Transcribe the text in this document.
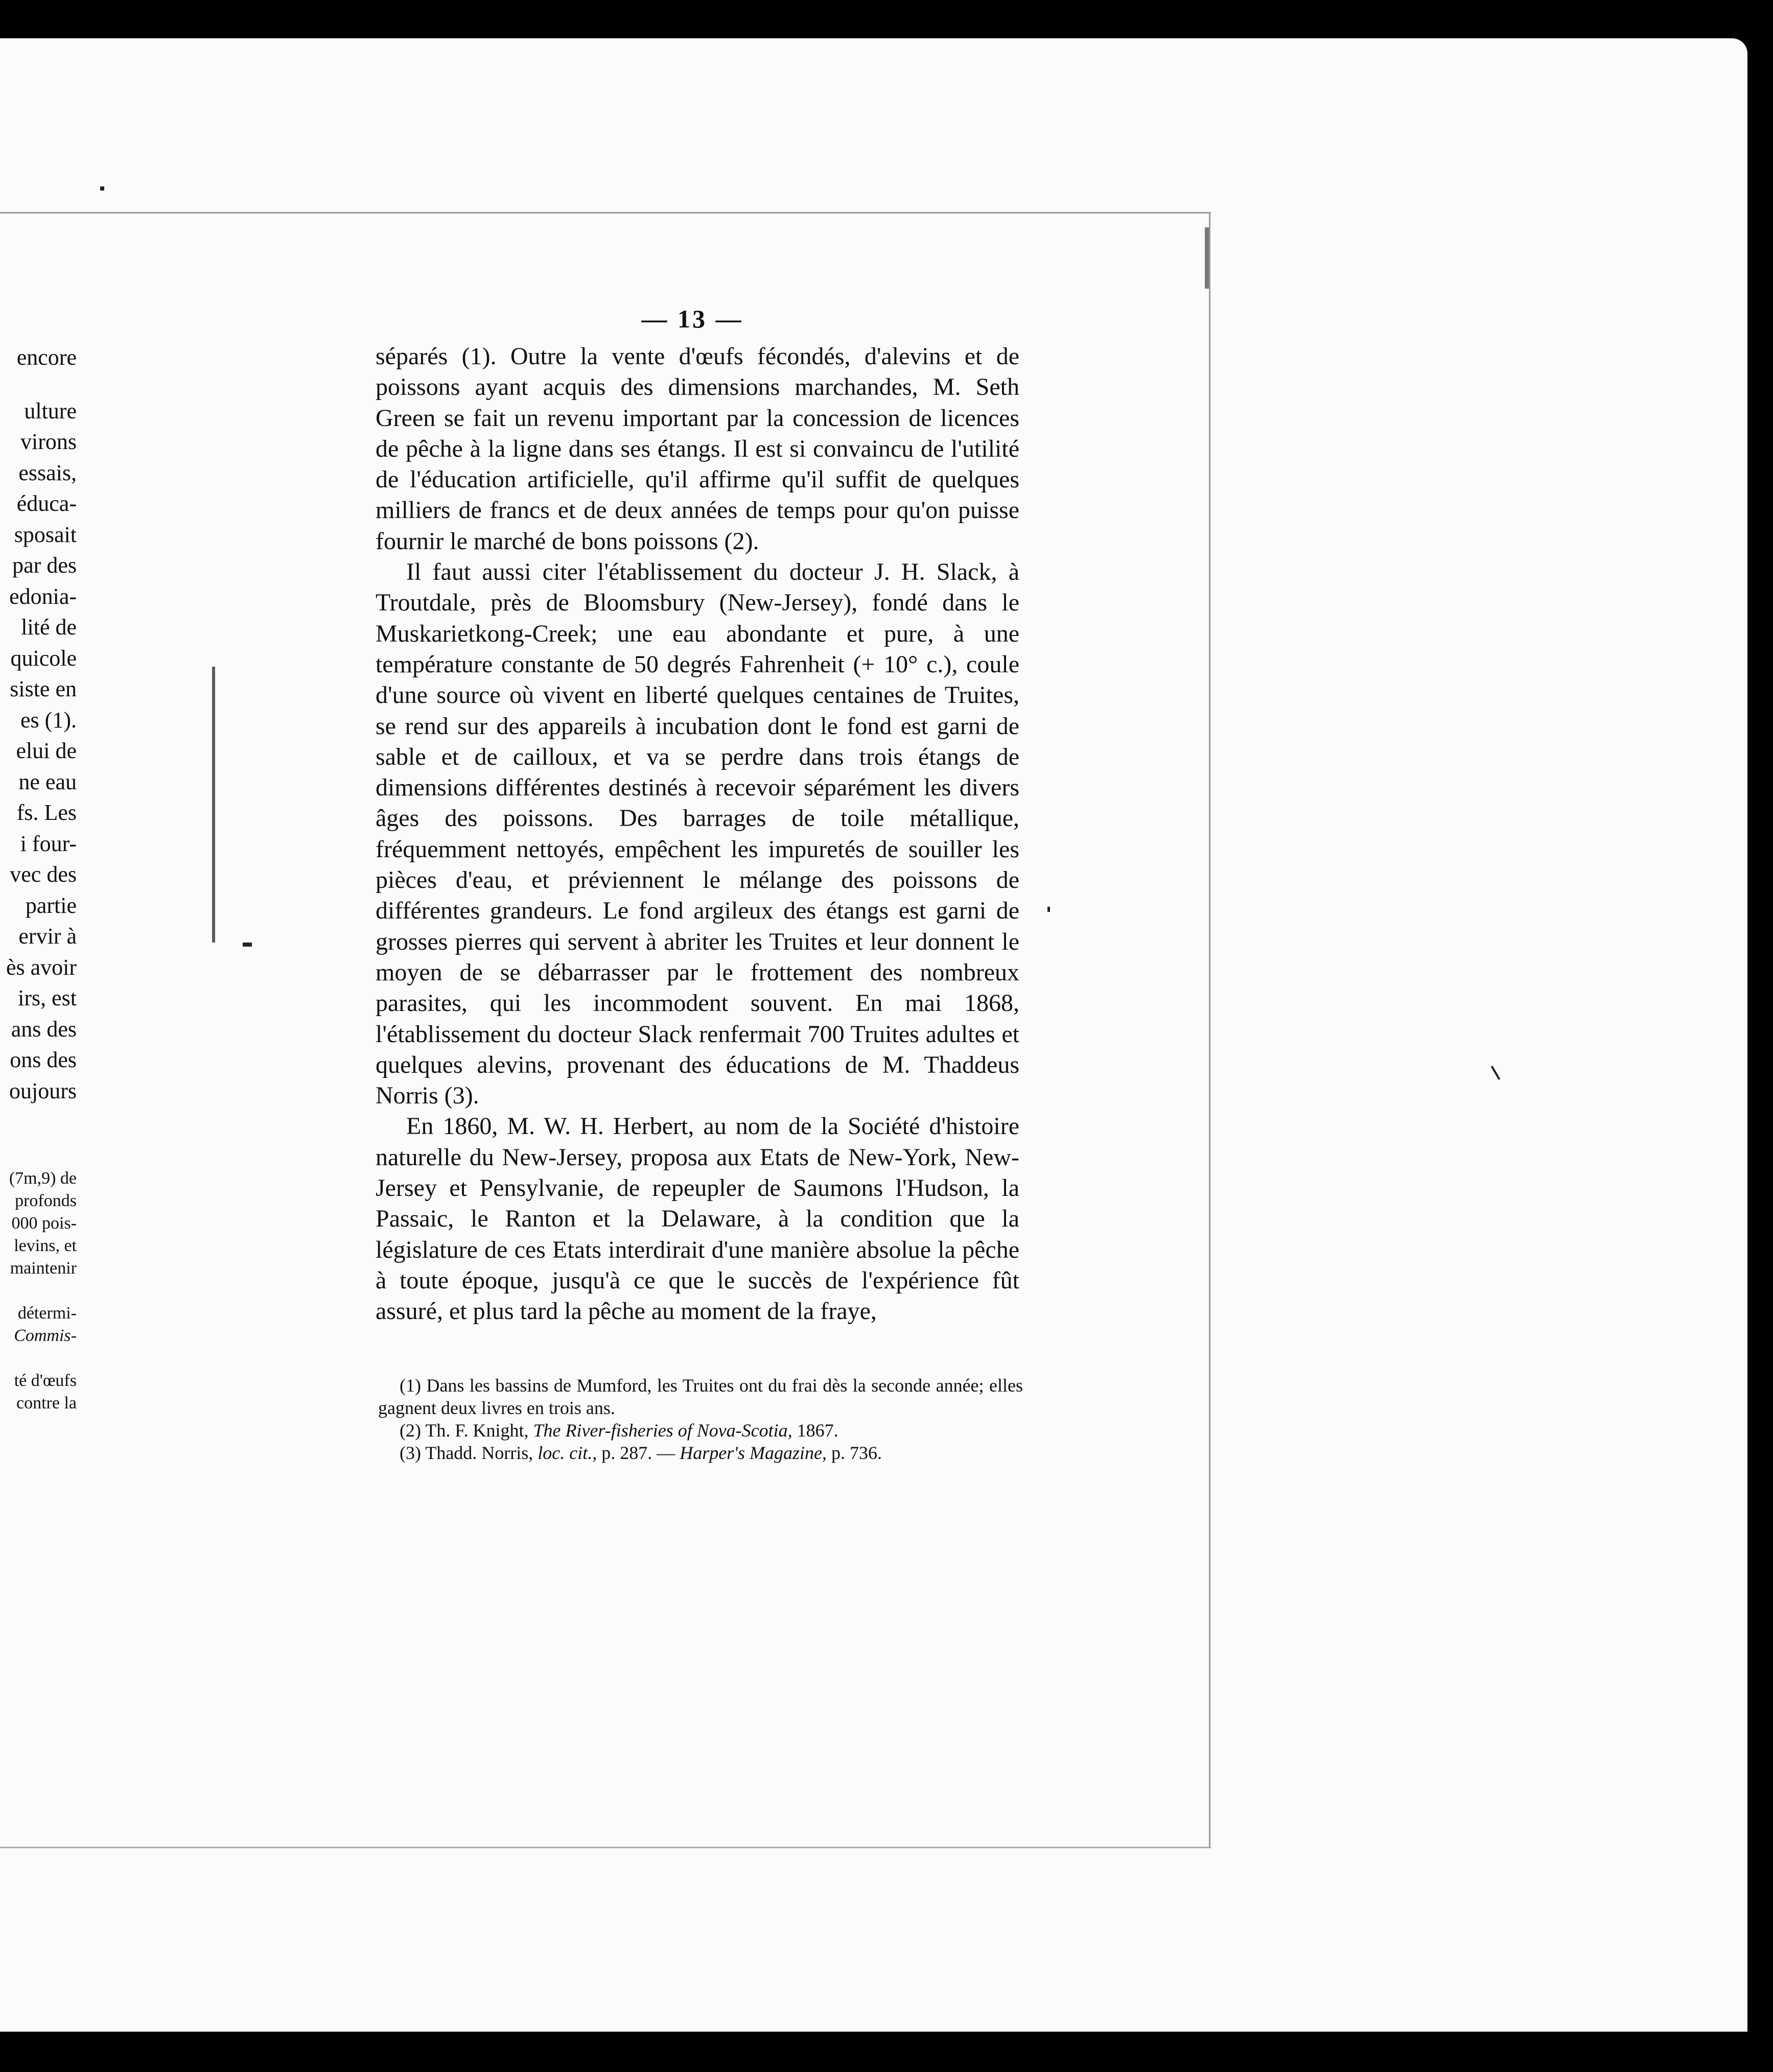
encore
ulture
virons
essais,
éduca-
sposait
par des
edonia-
lité de
quicole
siste en
es (1).
elui de
ne eau
fs. Les
i four-
vec des
partie
ervir à
ès avoir
irs, est
ans des
ons des
oujours
(7m,9) de
profonds
000 pois-
levins, et
maintenir
détermi-
Commis-
té d'œufs
contre la
— 13 —

séparés (1). Outre la vente d'œufs fécondés, d'alevins et de poissons ayant acquis des dimensions marchandes, M. Seth Green se fait un revenu important par la concession de licences de pêche à la ligne dans ses étangs. Il est si convaincu de l'utilité de l'éducation artificielle, qu'il affirme qu'il suffit de quelques milliers de francs et de deux années de temps pour qu'on puisse fournir le marché de bons poissons (2).

Il faut aussi citer l'établissement du docteur J. H. Slack, à Troutdale, près de Bloomsbury (New-Jersey), fondé dans le Muskarietkong-Creek; une eau abondante et pure, à une température constante de 50 degrés Fahrenheit (+ 10° c.), coule d'une source où vivent en liberté quelques centaines de Truites, se rend sur des appareils à incubation dont le fond est garni de sable et de cailloux, et va se perdre dans trois étangs de dimensions différentes destinés à recevoir séparément les divers âges des poissons. Des barrages de toile métallique, fréquemment nettoyés, empêchent les impuretés de souiller les pièces d'eau, et préviennent le mélange des poissons de différentes grandeurs. Le fond argileux des étangs est garni de grosses pierres qui servent à abriter les Truites et leur donnent le moyen de se débarrasser par le frottement des nombreux parasites, qui les incommodent souvent. En mai 1868, l'établissement du docteur Slack renfermait 700 Truites adultes et quelques alevins, provenant des éducations de M. Thaddeus Norris (3).

En 1860, M. W. H. Herbert, au nom de la Société d'histoire naturelle du New-Jersey, proposa aux Etats de New-York, New-Jersey et Pensylvanie, de repeupler de Saumons l'Hudson, la Passaic, le Ranton et la Delaware, à la condition que la législature de ces Etats interdirait d'une manière absolue la pêche à toute époque, jusqu'à ce que le succès de l'expérience fût assuré, et plus tard la pêche au moment de la fraye,

(1) Dans les bassins de Mumford, les Truites ont du frai dès la seconde année; elles gagnent deux livres en trois ans.

(2) Th. F. Knight, The River-fisheries of Nova-Scotia, 1867.

(3) Thadd. Norris, loc. cit., p. 287. — Harper's Magazine, p. 736.
